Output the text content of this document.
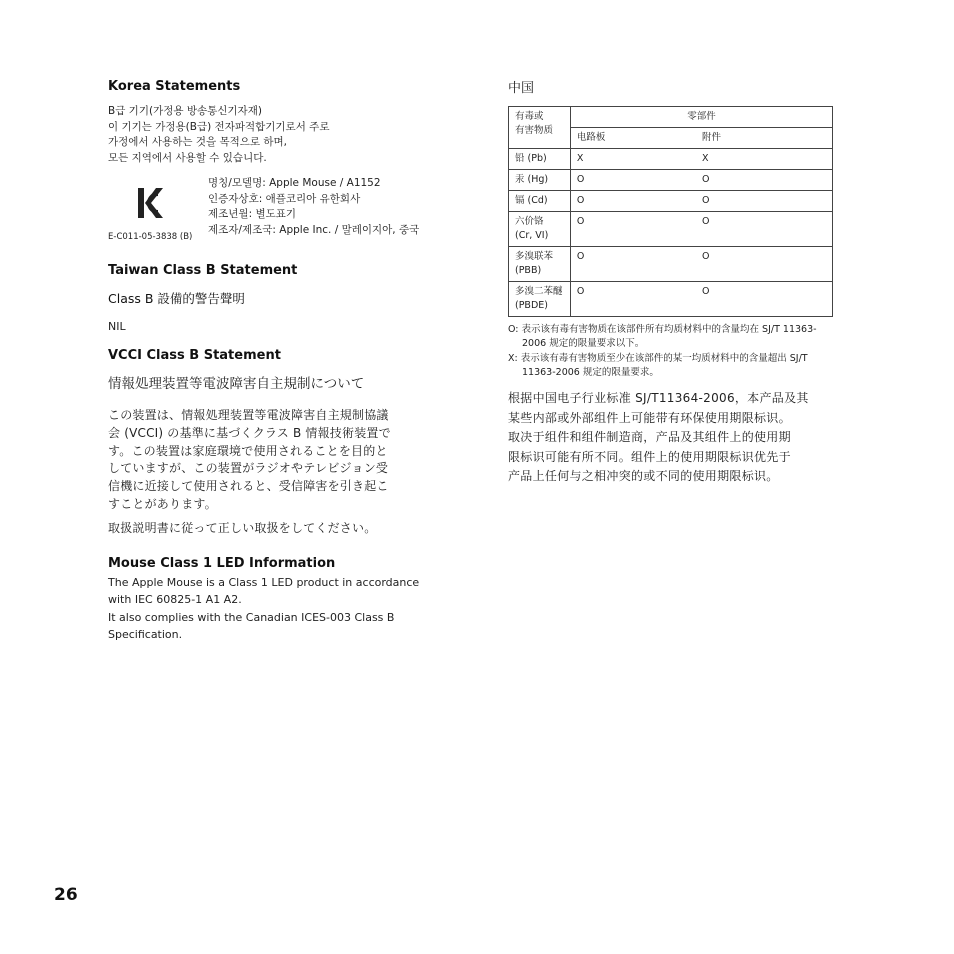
Korea Statements

B급 기기(가정용 방송통신기자재)

이 기기는 가정용(B급) 전자파적합기기로서 주로

가정에서 사용하는 것을 목적으로 하며,

모든 지역에서 사용할 수 있습니다.

E-C011-05-3838 (B)
명칭/모델명: Apple Mouse / A1152
인증자상호: 애플코리아 유한회사
제조년월: 별도표기
제조자/제조국: Apple Inc. / 말레이지아, 중국

Taiwan Class B Statement

Class B 設備的警告聲明

NIL

VCCI Class B Statement

情報処理装置等電波障害自主規制について

この装置は、情報処理装置等電波障害自主規制協議

会 (VCCI) の基準に基づくクラス B 情報技術装置で

す。この装置は家庭環境で使用されることを目的と

していますが、この装置がラジオやテレビジョン受

信機に近接して使用されると、受信障害を引き起こ

すことがあります。

取扱説明書に従って正しい取扱をしてください。

Mouse Class 1 LED Information

The Apple Mouse is a Class 1 LED product in accordance

with IEC 60825-1 A1 A2.

It also complies with the Canadian ICES-003 Class B

Specification.

中国

有毒或
有害物质	零部件	
	电路板	附件

铅 (Pb)	X	X

汞 (Hg)	O	O

镉 (Cd)	O	O

六价铬
(Cr, VI)	O	O

多溴联苯
(PBB)	O	O

多溴二苯醚
(PBDE)	O	O
O: 表示该有毒有害物质在该部件所有均质材料中的含量均在 SJ/T 11363-2006 规定的限量要求以下。
X: 表示该有毒有害物质至少在该部件的某一均质材料中的含量超出 SJ/T 11363-2006 规定的限量要求。
根据中国电子行业标准 SJ/T11364-2006，本产品及其
某些内部或外部组件上可能带有环保使用期限标识。
取决于组件和组件制造商，产品及其组件上的使用期
限标识可能有所不同。组件上的使用期限标识优先于
产品上任何与之相冲突的或不同的使用期限标识。
26
